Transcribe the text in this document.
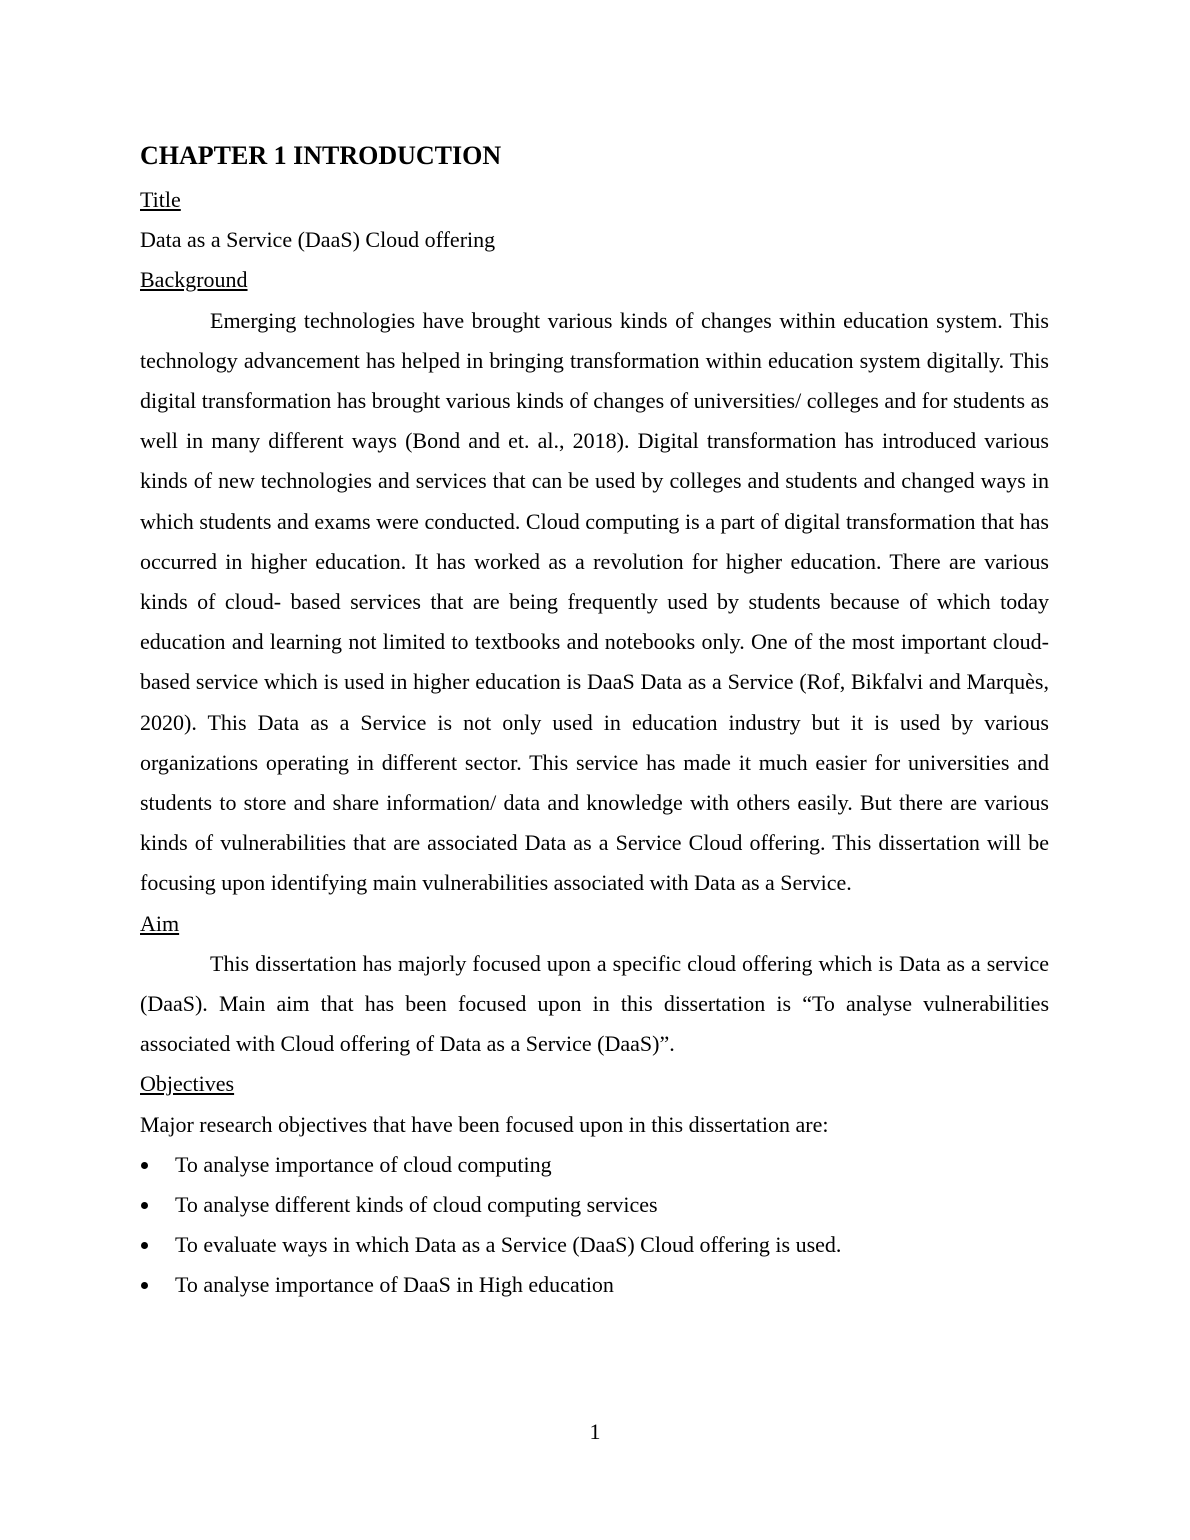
CHAPTER 1 INTRODUCTION

Title

Data as a Service (DaaS) Cloud offering

Background

Emerging technologies have brought various kinds of changes within education system. This technology advancement has helped in bringing transformation within education system digitally. This digital transformation has brought various kinds of changes of universities/ colleges and for students as well in many different ways (Bond and et. al., 2018). Digital transformation has introduced various kinds of new technologies and services that can be used by colleges and students and changed ways in which students and exams were conducted. Cloud computing is a part of digital transformation that has occurred in higher education. It has worked as a revolution for higher education. There are various kinds of cloud- based services that are being frequently used by students because of which today education and learning not limited to textbooks and notebooks only. One of the most important cloud- based service which is used in higher education is DaaS Data as a Service (Rof, Bikfalvi and Marquès, 2020). This Data as a Service is not only used in education industry but it is used by various organizations operating in different sector. This service has made it much easier for universities and students to store and share information/ data and knowledge with others easily. But there are various kinds of vulnerabilities that are associated Data as a Service Cloud offering. This dissertation will be focusing upon identifying main vulnerabilities associated with Data as a Service.

Aim

This dissertation has majorly focused upon a specific cloud offering which is Data as a service (DaaS). Main aim that has been focused upon in this dissertation is “To analyse vulnerabilities associated with Cloud offering of Data as a Service (DaaS)”.

Objectives

Major research objectives that have been focused upon in this dissertation are:

To analyse importance of cloud computing
To analyse different kinds of cloud computing services
To evaluate ways in which Data as a Service (DaaS) Cloud offering is used.
To analyse importance of DaaS in High education
1
